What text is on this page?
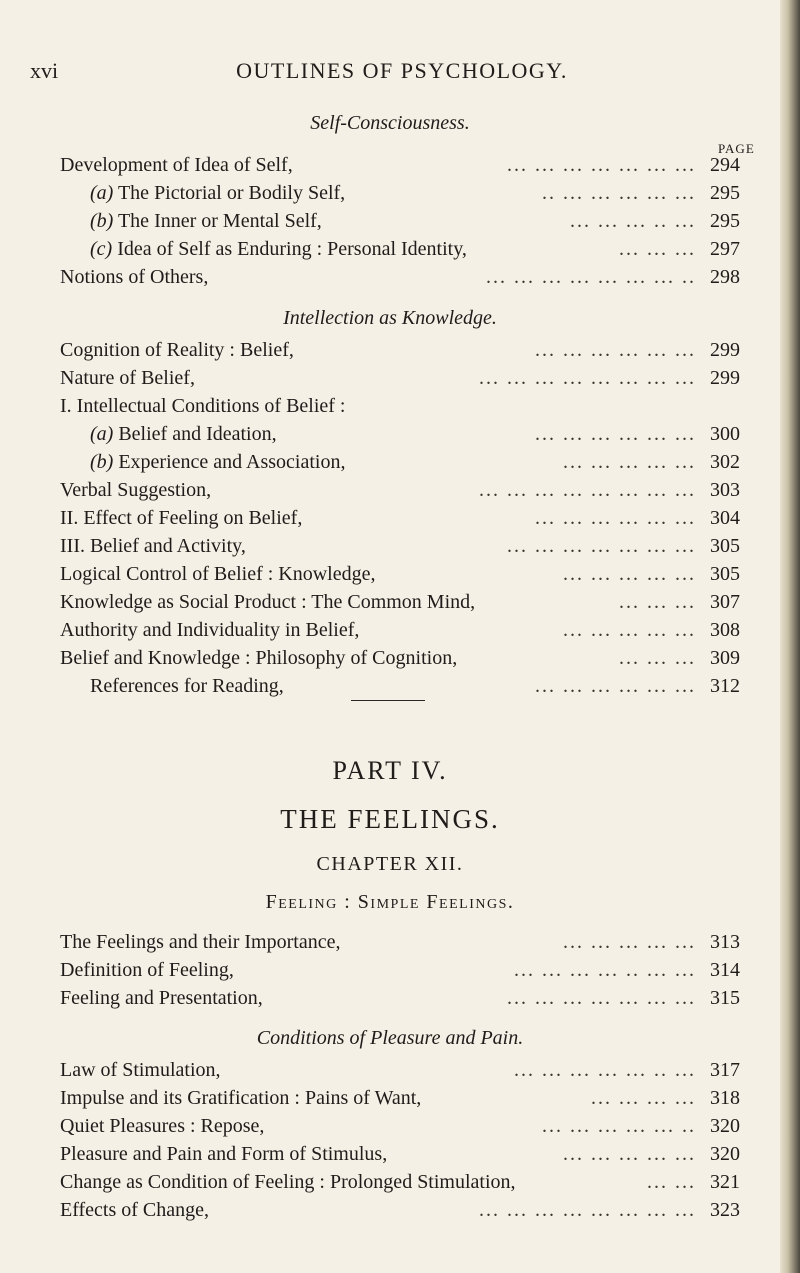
xvi	OUTLINES OF PSYCHOLOGY.
Self-Consciousness.
PAGE
Development of Idea of Self,	... ... ... ... ... ... ... 294
(a) The Pictorial or Bodily Self,	.. ... ... ... ... ... 295
(b) The Inner or Mental Self,	... ... ... .. ... 295
(c) Idea of Self as Enduring : Personal Identity,	... ... ... 297
Notions of Others,	... ... ... ... ... ... ... .. 298
Intellection as Knowledge.
Cognition of Reality : Belief,	... ... ... ... ... ... 299
Nature of Belief,	... ... ... ... ... ... ... ... 299
I. Intellectual Conditions of Belief :
(a) Belief and Ideation,	... ... ... ... ... ... 300
(b) Experience and Association,	... ... ... ... ... 302
Verbal Suggestion,	... ... ... ... ... ... ... ... 303
II. Effect of Feeling on Belief,	... ... ... ... ... ... 304
III. Belief and Activity,	... ... ... ... ... ... ... 305
Logical Control of Belief : Knowledge,	... ... ... ... ... 305
Knowledge as Social Product : The Common Mind,	... ... ... 307
Authority and Individuality in Belief,	... ... ... ... ... 308
Belief and Knowledge : Philosophy of Cognition,	... ... ... 309
References for Reading,	... ... ... ... ... ... 312
PART IV.
THE FEELINGS.
CHAPTER XII.
Feeling : Simple Feelings.
The Feelings and their Importance,	... ... ... ... ... 313
Definition of Feeling,	... ... ... ... .. ... ... 314
Feeling and Presentation,	... ... ... ... ... ... ... 315
Conditions of Pleasure and Pain.
Law of Stimulation,	... ... ... ... ... .. ... 317
Impulse and its Gratification : Pains of Want,	... ... ... ... 318
Quiet Pleasures : Repose,	... ... ... ... ... .. 320
Pleasure and Pain and Form of Stimulus,	... ... ... ... ... 320
Change as Condition of Feeling : Prolonged Stimulation,	... ... 321
Effects of Change,	... ... ... ... ... ... ... ... 323
